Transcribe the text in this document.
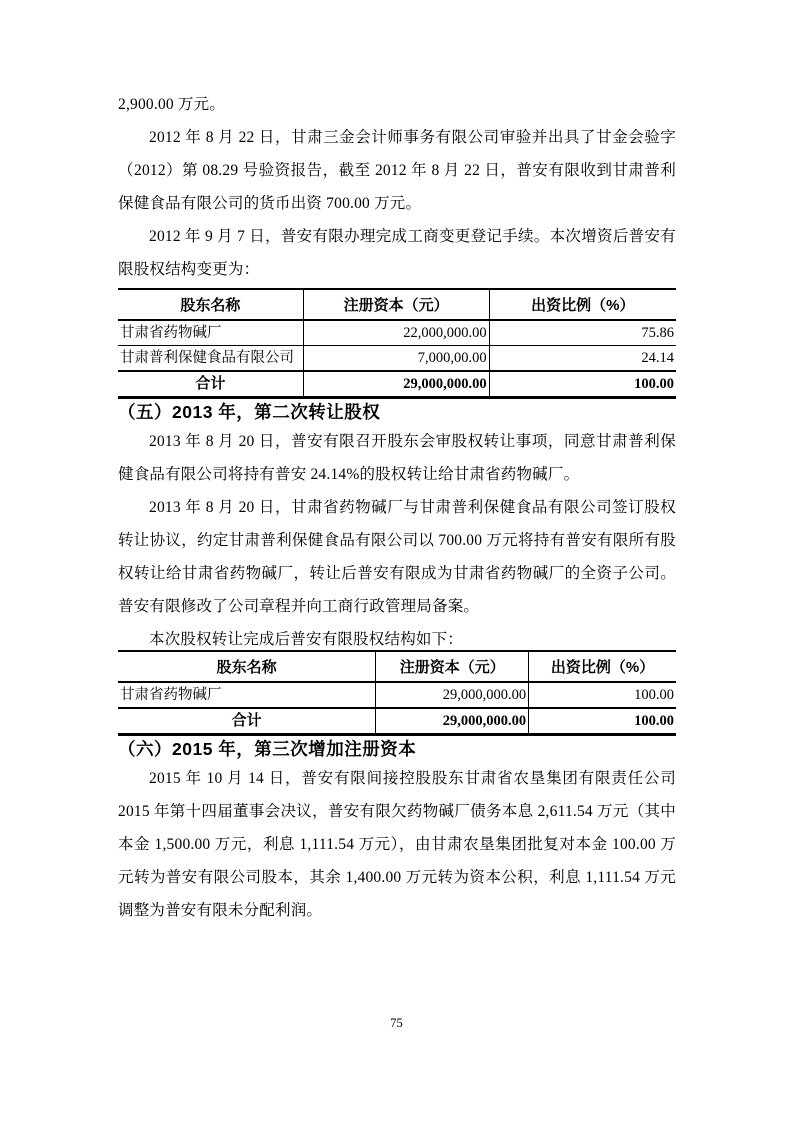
2,900.00 万元。

2012 年 8 月 22 日，甘肃三金会计师事务有限公司审验并出具了甘金会验字（2012）第 08.29 号验资报告，截至 2012 年 8 月 22 日，普安有限收到甘肃普利保健食品有限公司的货币出资 700.00 万元。

2012 年 9 月 7 日，普安有限办理完成工商变更登记手续。本次增资后普安有限股权结构变更为：

股东名称	注册资本（元）	出资比例（%）
甘肃省药物碱厂	22,000,000.00	75.86
甘肃普利保健食品有限公司	7,000,00.00	24.14
合计	29,000,000.00	100.00
（五）2013 年，第二次转让股权

2013 年 8 月 20 日，普安有限召开股东会审股权转让事项，同意甘肃普利保健食品有限公司将持有普安 24.14%的股权转让给甘肃省药物碱厂。

2013 年 8 月 20 日，甘肃省药物碱厂与甘肃普利保健食品有限公司签订股权转让协议，约定甘肃普利保健食品有限公司以 700.00 万元将持有普安有限所有股权转让给甘肃省药物碱厂，转让后普安有限成为甘肃省药物碱厂的全资子公司。普安有限修改了公司章程并向工商行政管理局备案。

本次股权转让完成后普安有限股权结构如下：

股东名称	注册资本（元）	出资比例（%）
甘肃省药物碱厂	29,000,000.00	100.00
合计	29,000,000.00	100.00
（六）2015 年，第三次增加注册资本

2015 年 10 月 14 日，普安有限间接控股股东甘肃省农垦集团有限责任公司 2015 年第十四届董事会决议，普安有限欠药物碱厂债务本息 2,611.54 万元（其中本金 1,500.00 万元，利息 1,111.54 万元），由甘肃农垦集团批复对本金 100.00 万元转为普安有限公司股本，其余 1,400.00 万元转为资本公积，利息 1,111.54 万元调整为普安有限未分配利润。

75
